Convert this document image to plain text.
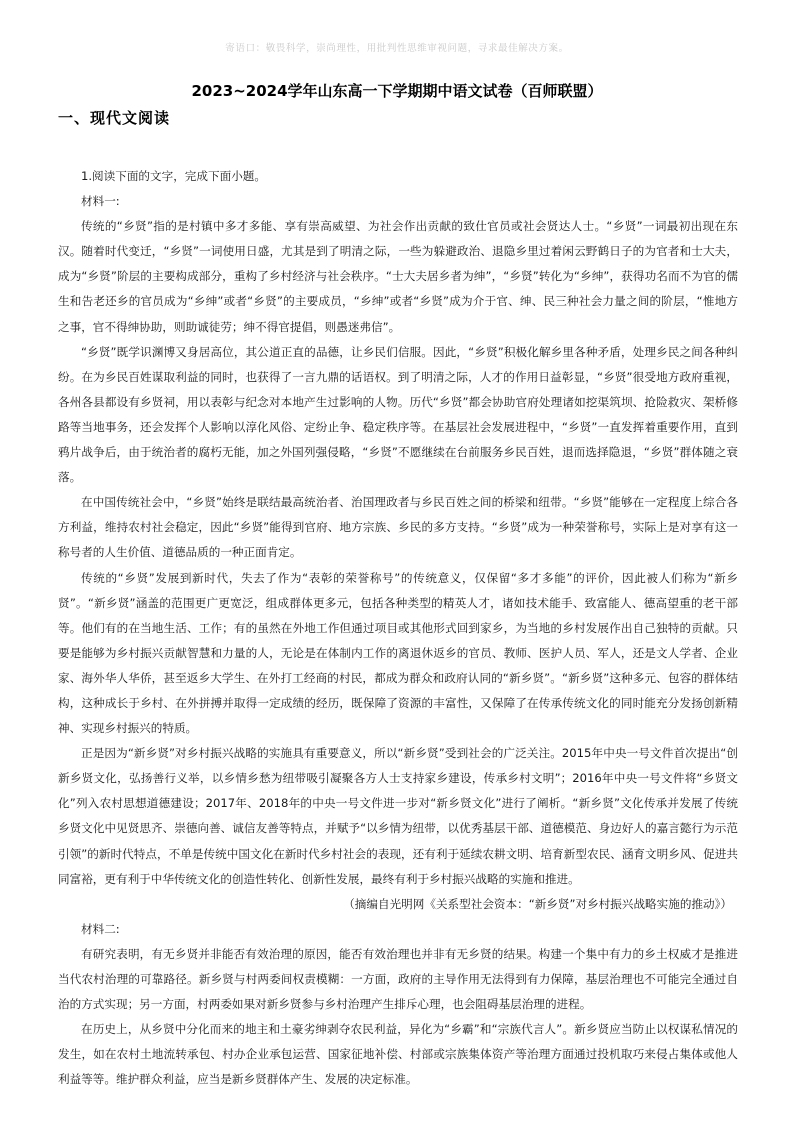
寄语口：敬畏科学，崇尚理性，用批判性思维审视问题，寻求最佳解决方案。
2023~2024学年山东高一下学期期中语文试卷（百师联盟）
一、现代文阅读

1.阅读下面的文字，完成下面小题。

材料一:

传统的“乡贤”指的是村镇中多才多能、享有崇高威望、为社会作出贡献的致仕官员或社会贤达人士。“乡贤”一词最初出现在东汉。随着时代变迁，“乡贤”一词使用日盛，尤其是到了明清之际，一些为躲避政治、退隐乡里过着闲云野鹤日子的为官者和士大夫，成为“乡贤”阶层的主要构成部分，重构了乡村经济与社会秩序。“士大夫居乡者为绅”，“乡贤”转化为“乡绅”，获得功名而不为官的儒生和告老还乡的官员成为“乡绅”或者“乡贤”的主要成员，“乡绅”或者“乡贤”成为介于官、绅、民三种社会力量之间的阶层，“惟地方之事，官不得绅协助，则助诚徒劳；绅不得官提倡，则愚迷弗信”。

“乡贤”既学识渊博又身居高位，其公道正直的品德，让乡民们信服。因此，“乡贤”积极化解乡里各种矛盾，处理乡民之间各种纠纷。在为乡民百姓谋取利益的同时，也获得了一言九鼎的话语权。到了明清之际，人才的作用日益彰显，“乡贤”很受地方政府重视，各州各县都设有乡贤祠，用以表彰与纪念对本地产生过影响的人物。历代“乡贤”都会协助官府处理诸如挖渠筑坝、抢险救灾、架桥修路等当地事务，还会发挥个人影响以淳化风俗、定纷止争、稳定秩序等。在基层社会发展进程中，“乡贤”一直发挥着重要作用，直到鸦片战争后，由于统治者的腐朽无能，加之外国列强侵略，“乡贤”不愿继续在台前服务乡民百姓，退而选择隐退，“乡贤”群体随之衰落。

在中国传统社会中，“乡贤”始终是联结最高统治者、治国理政者与乡民百姓之间的桥梁和纽带。“乡贤”能够在一定程度上综合各方利益，维持农村社会稳定，因此“乡贤”能得到官府、地方宗族、乡民的多方支持。“乡贤”成为一种荣誉称号，实际上是对享有这一称号者的人生价值、道德品质的一种正面肯定。

传统的“乡贤”发展到新时代，失去了作为“表彰的荣誉称号”的传统意义，仅保留“多才多能”的评价，因此被人们称为“新乡贤”。“新乡贤”涵盖的范围更广更宽泛，组成群体更多元，包括各种类型的精英人才，诸如技术能手、致富能人、德高望重的老干部等。他们有的在当地生活、工作；有的虽然在外地工作但通过项目或其他形式回到家乡，为当地的乡村发展作出自己独特的贡献。只要是能够为乡村振兴贡献智慧和力量的人，无论是在体制内工作的离退休返乡的官员、教师、医护人员、军人，还是文人学者、企业家、海外华人华侨，甚至返乡大学生、在外打工经商的村民，都成为群众和政府认同的“新乡贤”。“新乡贤”这种多元、包容的群体结构，这种成长于乡村、在外拼搏并取得一定成绩的经历，既保障了资源的丰富性，又保障了在传承传统文化的同时能充分发扬创新精神、实现乡村振兴的特质。

正是因为“新乡贤”对乡村振兴战略的实施具有重要意义，所以“新乡贤”受到社会的广泛关注。2015年中央一号文件首次提出“创新乡贤文化，弘扬善行义举，以乡情乡愁为纽带吸引凝聚各方人士支持家乡建设，传承乡村文明”；2016年中央一号文件将“乡贤文化”列入农村思想道德建设；2017年、2018年的中央一号文件进一步对“新乡贤文化”进行了阐析。“新乡贤”文化传承并发展了传统乡贤文化中见贤思齐、崇德向善、诚信友善等特点，并赋予“以乡情为纽带，以优秀基层干部、道德模范、身边好人的嘉言懿行为示范引领”的新时代特点，不单是传统中国文化在新时代乡村社会的表现，还有利于延续农耕文明、培育新型农民、涵育文明乡风、促进共同富裕，更有利于中华传统文化的创造性转化、创新性发展，最终有利于乡村振兴战略的实施和推进。

（摘编自光明网《关系型社会资本：“新乡贤”对乡村振兴战略实施的推动》）

材料二:

有研究表明，有无乡贤并非能否有效治理的原因，能否有效治理也并非有无乡贤的结果。构建一个集中有力的乡土权威才是推进当代农村治理的可靠路径。新乡贤与村两委间权责模糊：一方面，政府的主导作用无法得到有力保障，基层治理也不可能完全通过自治的方式实现；另一方面，村两委如果对新乡贤参与乡村治理产生排斥心理，也会阻碍基层治理的进程。

在历史上，从乡贤中分化而来的地主和土豪劣绅剥夺农民利益，异化为“乡霸”和“宗族代言人”。新乡贤应当防止以权谋私情况的发生，如在农村土地流转承包、村办企业承包运营、国家征地补偿、村部或宗族集体资产等治理方面通过投机取巧来侵占集体或他人利益等等。维护群众利益，应当是新乡贤群体产生、发展的决定标准。
